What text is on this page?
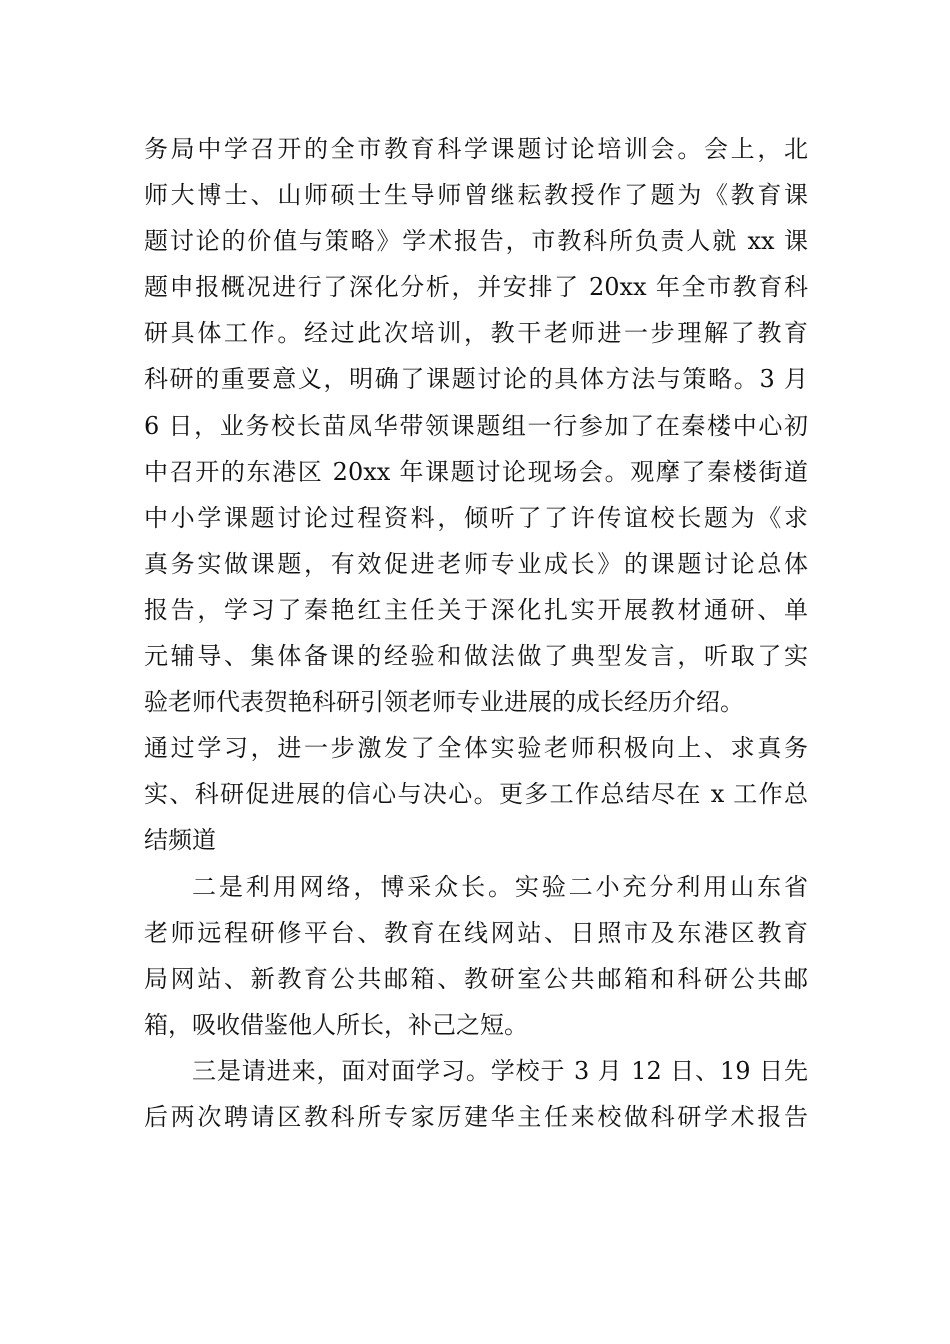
务局中学召开的全市教育科学课题讨论培训会。会上，北
师大博士、山师硕士生导师曾继耘教授作了题为《教育课
题讨论的价值与策略》学术报告，市教科所负责人就 xx 课
题申报概况进行了深化分析，并安排了 20xx 年全市教育科
研具体工作。经过此次培训，教干老师进一步理解了教育
科研的重要意义，明确了课题讨论的具体方法与策略。3 月
6 日，业务校长苗凤华带领课题组一行参加了在秦楼中心初
中召开的东港区 20xx 年课题讨论现场会。观摩了秦楼街道
中小学课题讨论过程资料，倾听了了许传谊校长题为《求
真务实做课题，有效促进老师专业成长》的课题讨论总体
报告，学习了秦艳红主任关于深化扎实开展教材通研、单
元辅导、集体备课的经验和做法做了典型发言，听取了实
验老师代表贺艳科研引领老师专业进展的成长经历介绍。
通过学习，进一步激发了全体实验老师积极向上、求真务
实、科研促进展的信心与决心。更多工作总结尽在 x 工作总
结频道
二是利用网络，博采众长。实验二小充分利用山东省
老师远程研修平台、教育在线网站、日照市及东港区教育
局网站、新教育公共邮箱、教研室公共邮箱和科研公共邮
箱，吸收借鉴他人所长，补己之短。
三是请进来，面对面学习。学校于 3 月 12 日、19 日先
后两次聘请区教科所专家厉建华主任来校做科研学术报告
